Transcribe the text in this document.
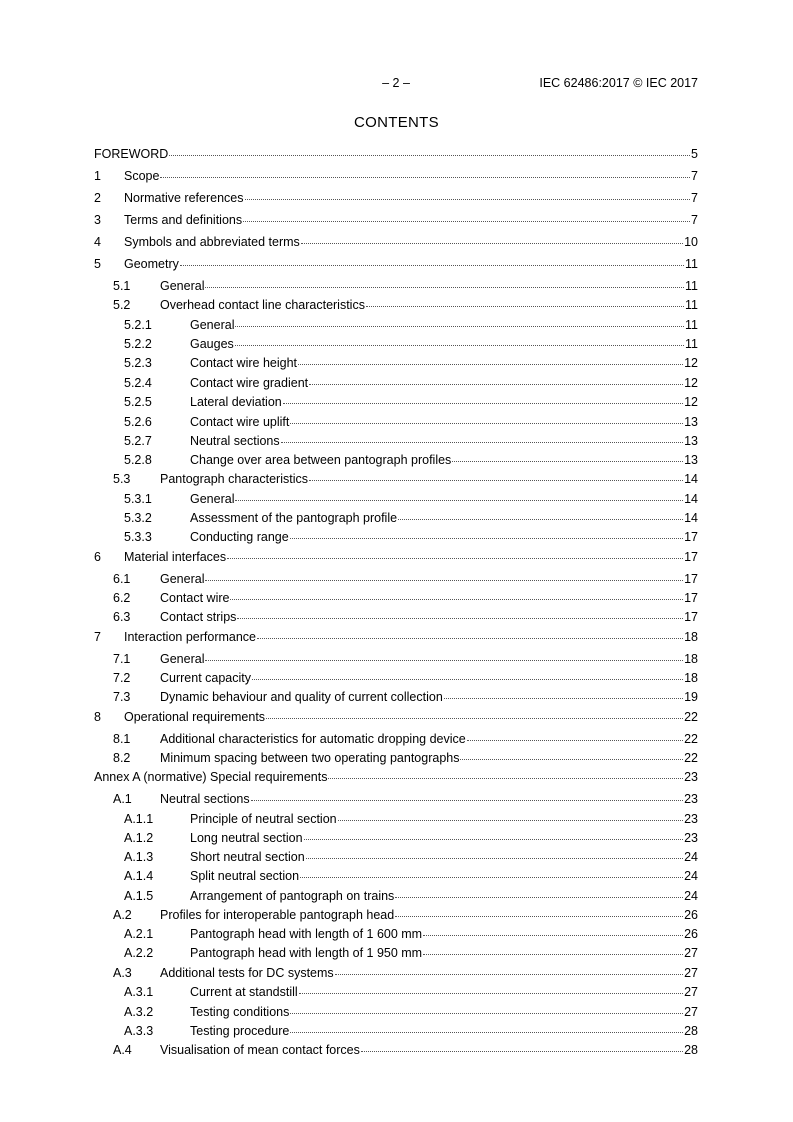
– 2 –	IEC 62486:2017 © IEC 2017
CONTENTS
FOREWORD	5
1	Scope	7
2	Normative references	7
3	Terms and definitions	7
4	Symbols and abbreviated terms	10
5	Geometry	11
5.1	General	11
5.2	Overhead contact line characteristics	11
5.2.1	General	11
5.2.2	Gauges	11
5.2.3	Contact wire height	12
5.2.4	Contact wire gradient	12
5.2.5	Lateral deviation	12
5.2.6	Contact wire uplift	13
5.2.7	Neutral sections	13
5.2.8	Change over area between pantograph profiles	13
5.3	Pantograph characteristics	14
5.3.1	General	14
5.3.2	Assessment of the pantograph profile	14
5.3.3	Conducting range	17
6	Material interfaces	17
6.1	General	17
6.2	Contact wire	17
6.3	Contact strips	17
7	Interaction performance	18
7.1	General	18
7.2	Current capacity	18
7.3	Dynamic behaviour and quality of current collection	19
8	Operational requirements	22
8.1	Additional characteristics for automatic dropping device	22
8.2	Minimum spacing between two operating pantographs	22
Annex A (normative) Special requirements	23
A.1	Neutral sections	23
A.1.1	Principle of neutral section	23
A.1.2	Long neutral section	23
A.1.3	Short neutral section	24
A.1.4	Split neutral section	24
A.1.5	Arrangement of pantograph on trains	24
A.2	Profiles for interoperable pantograph head	26
A.2.1	Pantograph head with length of 1 600 mm	26
A.2.2	Pantograph head with length of 1 950 mm	27
A.3	Additional tests for DC systems	27
A.3.1	Current at standstill	27
A.3.2	Testing conditions	27
A.3.3	Testing procedure	28
A.4	Visualisation of mean contact forces	28
